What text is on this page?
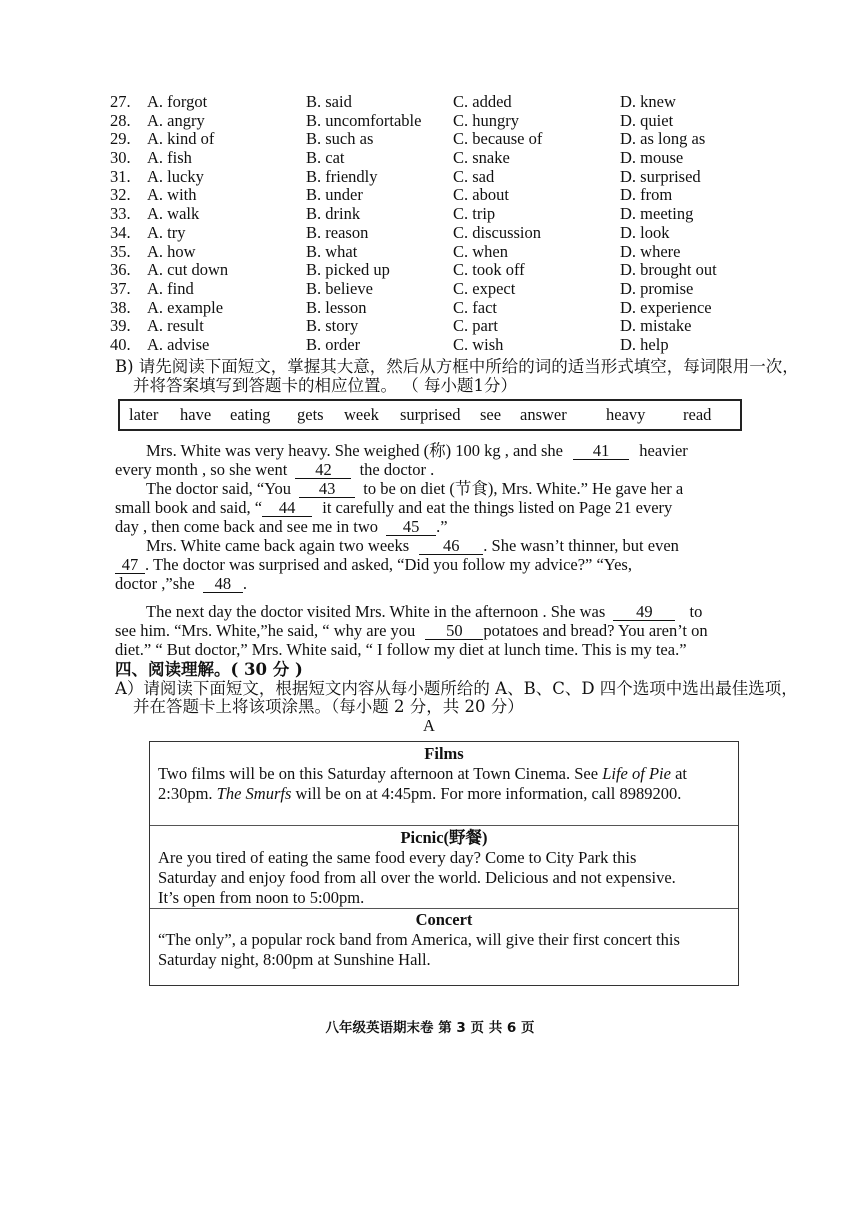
27. A. forgot	B. said	C. added	D. knew
28. A. angry	B. uncomfortable C. hungry	D. quiet
29. A. kind of	B. such as	C. because of	D. as long as
30. A. fish	B. cat	C. snake	D. mouse
31. A. lucky	B. friendly	C. sad	D. surprised
32. A. with	B. under	C. about	D. from
33. A. walk	B. drink	C. trip	D. meeting
34. A. try	B. reason	C. discussion	D. look
35. A. how	B. what	C. when	D. where
36. A. cut down	B. picked up	C. took off	D. brought out
37. A. find	B. believe	C. expect	D. promise
38. A. example	B. lesson	C. fact	D. experience
39. A. result	B. story	C. part	D. mistake
40. A. advise	B. order	C. wish	D. help
B) 请先阅读下面短文，掌握其大意，然后从方框中所给的词的适当形式填空，每词限用一次，
并将答案填写到答题卡的相应位置。 （ 每小题1分）
later have eating gets week surprised see answer heavy read
Mrs. White was very heavy. She weighed (称) 100 kg , and she 41 heavier
every month , so she went 42 the doctor .
The doctor said, “You 43 to be on diet (节食), Mrs. White.” He gave her a
small book and said, “ 44 it carefully and eat the things listed on Page 21 every
day , then come back and see me in two 45 .”
Mrs. White came back again two weeks 46 . She wasn’t thinner, but even
47 . The doctor was surprised and asked, “Did you follow my advice?” “Yes,
doctor ,”she 48 .
The next day the doctor visited Mrs. White in the afternoon . She was 49 to
see him. “Mrs. White,”he said, “ why are you 50 potatoes and bread? You aren’t on
diet.” “ But doctor,” Mrs. White said, “ I follow my diet at lunch time. This is my tea.”
四、阅读理解。( 30 分 )
A）请阅读下面短文，根据短文内容从每小题所给的 A、B、C、D 四个选项中选出最佳选项，
并在答题卡上将该项涂黑。（每小题 2 分，共 20 分）
A
Films
Two films will be on this Saturday afternoon at Town Cinema. See Life of Pie at
2:30pm. The Smurfs will be on at 4:45pm. For more information, call 8989200.
Picnic(野餐)
Are you tired of eating the same food every day? Come to City Park this
Saturday and enjoy food from all over the world. Delicious and not expensive.
It’s open from noon to 5:00pm.
Concert
“The only”, a popular rock band from America, will give their first concert this
Saturday night, 8:00pm at Sunshine Hall.
八年级英语期末卷 第 3 页 共 6 页
